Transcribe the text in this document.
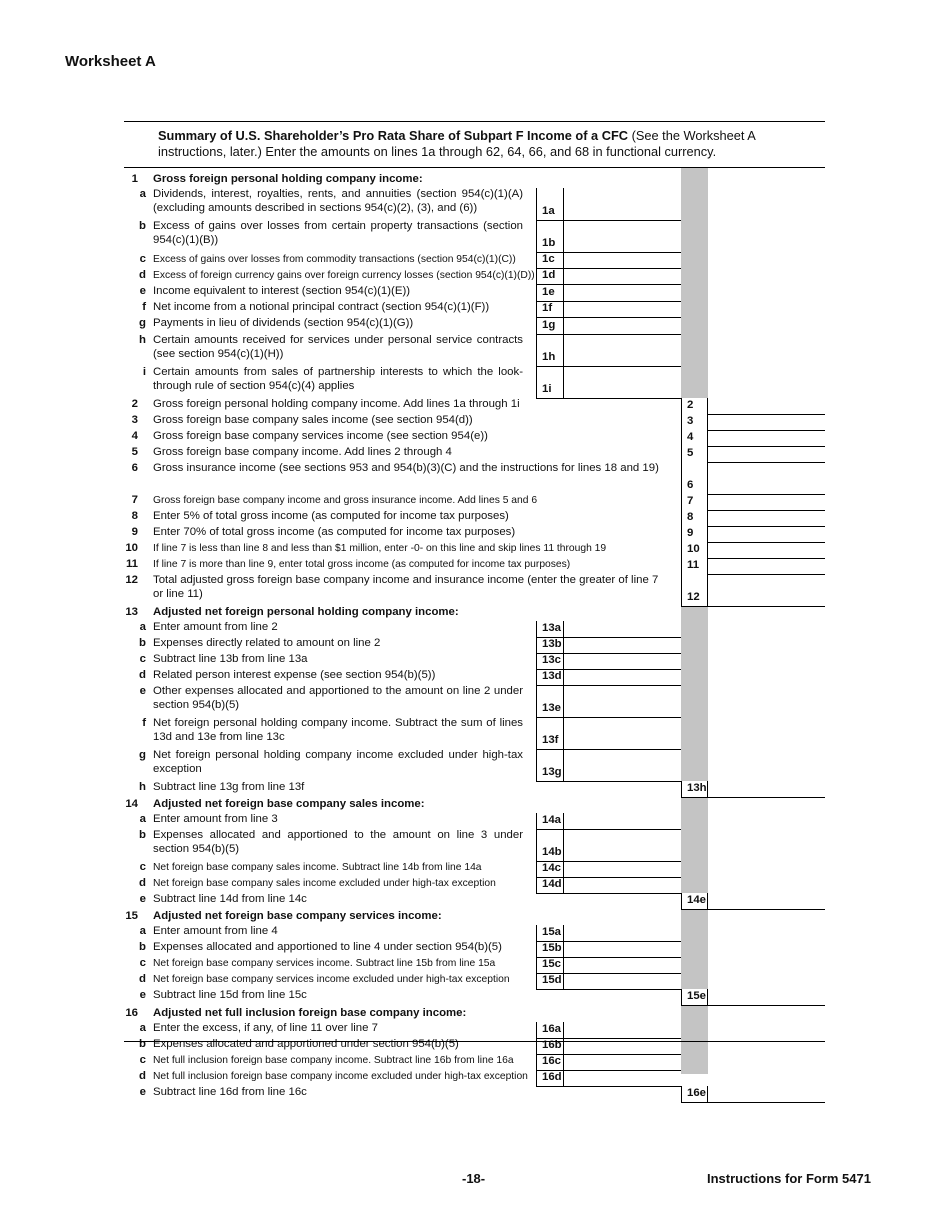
Worksheet A
Summary of U.S. Shareholder’s Pro Rata Share of Subpart F Income of a CFC (See the Worksheet A instructions, later.) Enter the amounts on lines 1a through 62, 64, 66, and 68 in functional currency.
1 Gross foreign personal holding company income:
a Dividends, interest, royalties, rents, and annuities (section 954(c)(1)(A) (excluding amounts described in sections 954(c)(2), (3), and (6))	1a
b Excess of gains over losses from certain property transactions (section 954(c)(1)(B))	1b
c Excess of gains over losses from commodity transactions (section 954(c)(1)(C))	1c
d Excess of foreign currency gains over foreign currency losses (section 954(c)(1)(D)) 1d
e Income equivalent to interest (section 954(c)(1)(E))	1e
f Net income from a notional principal contract (section 954(c)(1)(F))	1f
g Payments in lieu of dividends (section 954(c)(1)(G))	1g
h Certain amounts received for services under personal service contracts (see section 954(c)(1)(H))	1h
i Certain amounts from sales of partnership interests to which the look-through rule of section 954(c)(4) applies	1i
2 Gross foreign personal holding company income. Add lines 1a through 1i	2
3 Gross foreign base company sales income (see section 954(d))	3
4 Gross foreign base company services income (see section 954(e))	4
5 Gross foreign base company income. Add lines 2 through 4	5
6 Gross insurance income (see sections 953 and 954(b)(3)(C) and the instructions for lines 18 and 19)
6
7 Gross foreign base company income and gross insurance income. Add lines 5 and 6	7
8 Enter 5% of total gross income (as computed for income tax purposes)	8
9 Enter 70% of total gross income (as computed for income tax purposes)	9
10 If line 7 is less than line 8 and less than $1 million, enter -0- on this line and skip lines 11 through 19	10
11 If line 7 is more than line 9, enter total gross income (as computed for income tax purposes)	11
12 Total adjusted gross foreign base company income and insurance income (enter the greater of line 7 or line 11)	12
13 Adjusted net foreign personal holding company income:
a Enter amount from line 2	13a
b Expenses directly related to amount on line 2	13b
c Subtract line 13b from line 13a	13c
d Related person interest expense (see section 954(b)(5))	13d
e Other expenses allocated and apportioned to the amount on line 2 under section 954(b)(5)	13e
f Net foreign personal holding company income. Subtract the sum of lines 13d and 13e from line 13c	13f
g Net foreign personal holding company income excluded under high-tax exception	13g
h Subtract line 13g from line 13f	13h
14 Adjusted net foreign base company sales income:
a Enter amount from line 3	14a
b Expenses allocated and apportioned to the amount on line 3 under section 954(b)(5)	14b
c Net foreign base company sales income. Subtract line 14b from line 14a	14c
d Net foreign base company sales income excluded under high-tax exception	14d
e Subtract line 14d from line 14c	14e
15 Adjusted net foreign base company services income:
a Enter amount from line 4	15a
b Expenses allocated and apportioned to line 4 under section 954(b)(5)	15b
c Net foreign base company services income. Subtract line 15b from line 15a	15c
d Net foreign base company services income excluded under high-tax exception	15d
e Subtract line 15d from line 15c	15e
16 Adjusted net full inclusion foreign base company income:
a Enter the excess, if any, of line 11 over line 7	16a
b Expenses allocated and apportioned under section 954(b)(5)	16b
c Net full inclusion foreign base company income. Subtract line 16b from line 16a	16c
d Net full inclusion foreign base company income excluded under high-tax exception	16d
e Subtract line 16d from line 16c	16e
-18-	Instructions for Form 5471
